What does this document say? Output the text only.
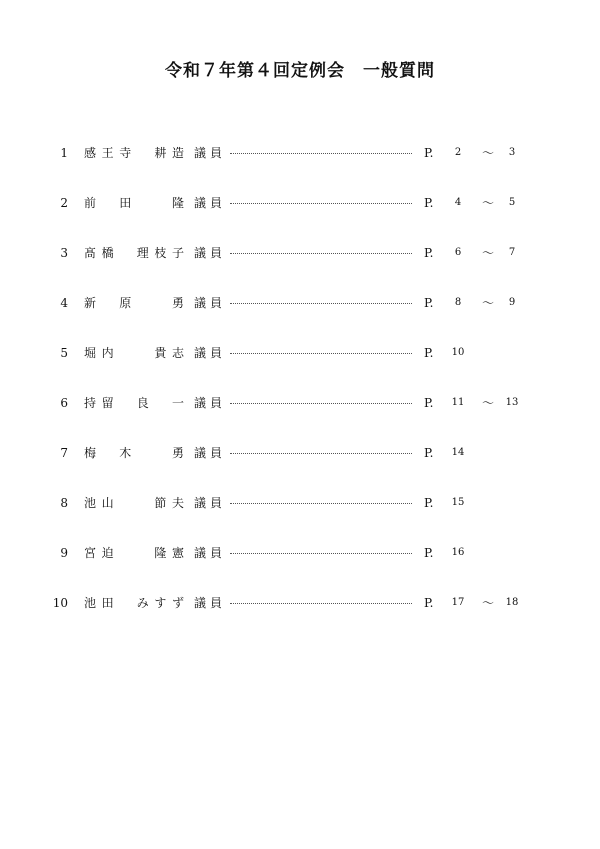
令和７年第４回定例会　一般質問
1 感 王 寺 耕 造 議員	P.	2	～	3
2 前 田	隆 議員	P.	4	～	5
3 髙 橋 理 枝 子 議員	P.	6	～	7
4 新 原	勇 議員	P.	8	～	9
5 堀 内	貴 志 議員	P.	10
6 持 留 良 一 議員	P.	11	～	13
7 梅 木	勇 議員	P.	14
8 池 山	節 夫 議員	P.	15
9 宮 迫	隆 憲 議員	P.	16
10 池 田 み す ず 議員	P.	17	～	18
